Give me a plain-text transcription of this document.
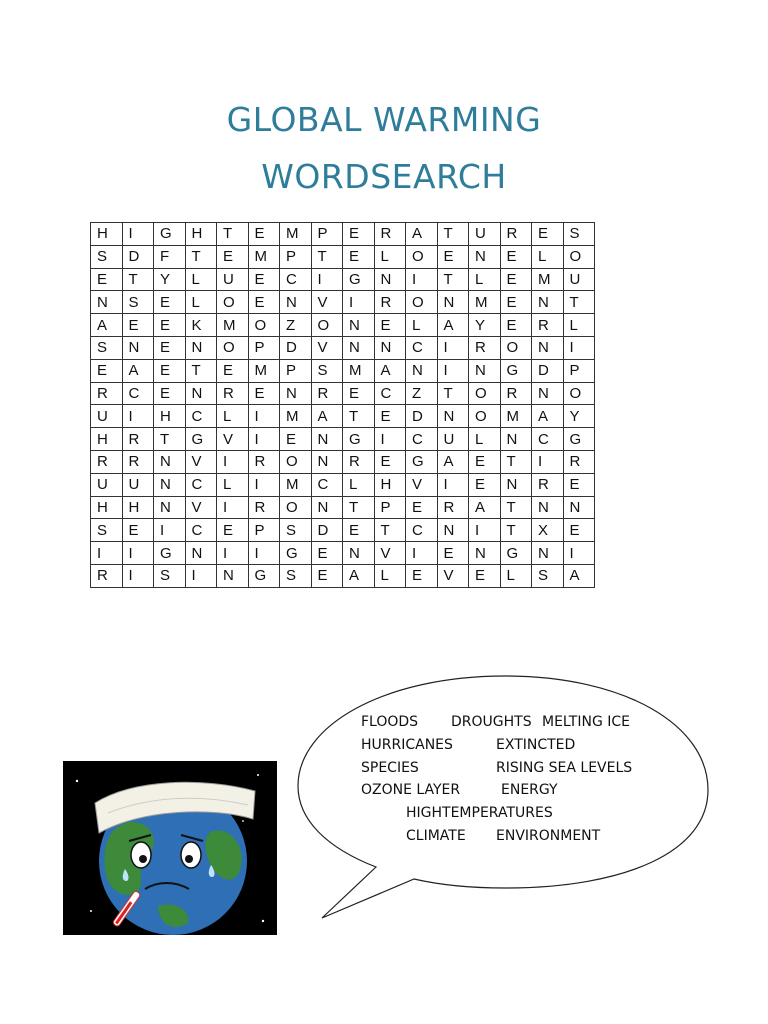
GLOBAL WARMING
WORDSEARCH
H	I	G	H	T	E	M	P	E	R	A	T	U	R	E	S
S	D	F	T	E	M	P	T	E	L	O	E	N	E	L	O
E	T	Y	L	U	E	C	I	G	N	I	T	L	E	M	U
N	S	E	L	O	E	N	V	I	R	O	N	M	E	N	T
A	E	E	K	M	O	Z	O	N	E	L	A	Y	E	R	L
S	N	E	N	O	P	D	V	N	N	C	I	R	O	N	I
E	A	E	T	E	M	P	S	M	A	N	I	N	G	D	P
R	C	E	N	R	E	N	R	E	C	Z	T	O	R	N	O
U	I	H	C	L	I	M	A	T	E	D	N	O	M	A	Y
H	R	T	G	V	I	E	N	G	I	C	U	L	N	C	G
R	R	N	V	I	R	O	N	R	E	G	A	E	T	I	R
U	U	N	C	L	I	M	C	L	H	V	I	E	N	R	E
H	H	N	V	I	R	O	N	T	P	E	R	A	T	N	N
S	E	I	C	E	P	S	D	E	T	C	N	I	T	X	E
I	I	G	N	I	I	G	E	N	V	I	E	N	G	N	I
R	I	S	I	N	G	S	E	A	L	E	V	E	L	S	A
FLOODS DROUGHTS MELTING ICE
HURRICANES	EXTINCTED
SPECIES	RISING SEA LEVELS
OZONE LAYER	ENERGY
HIGHTEMPERATURES
CLIMATE ENVIRONMENT
